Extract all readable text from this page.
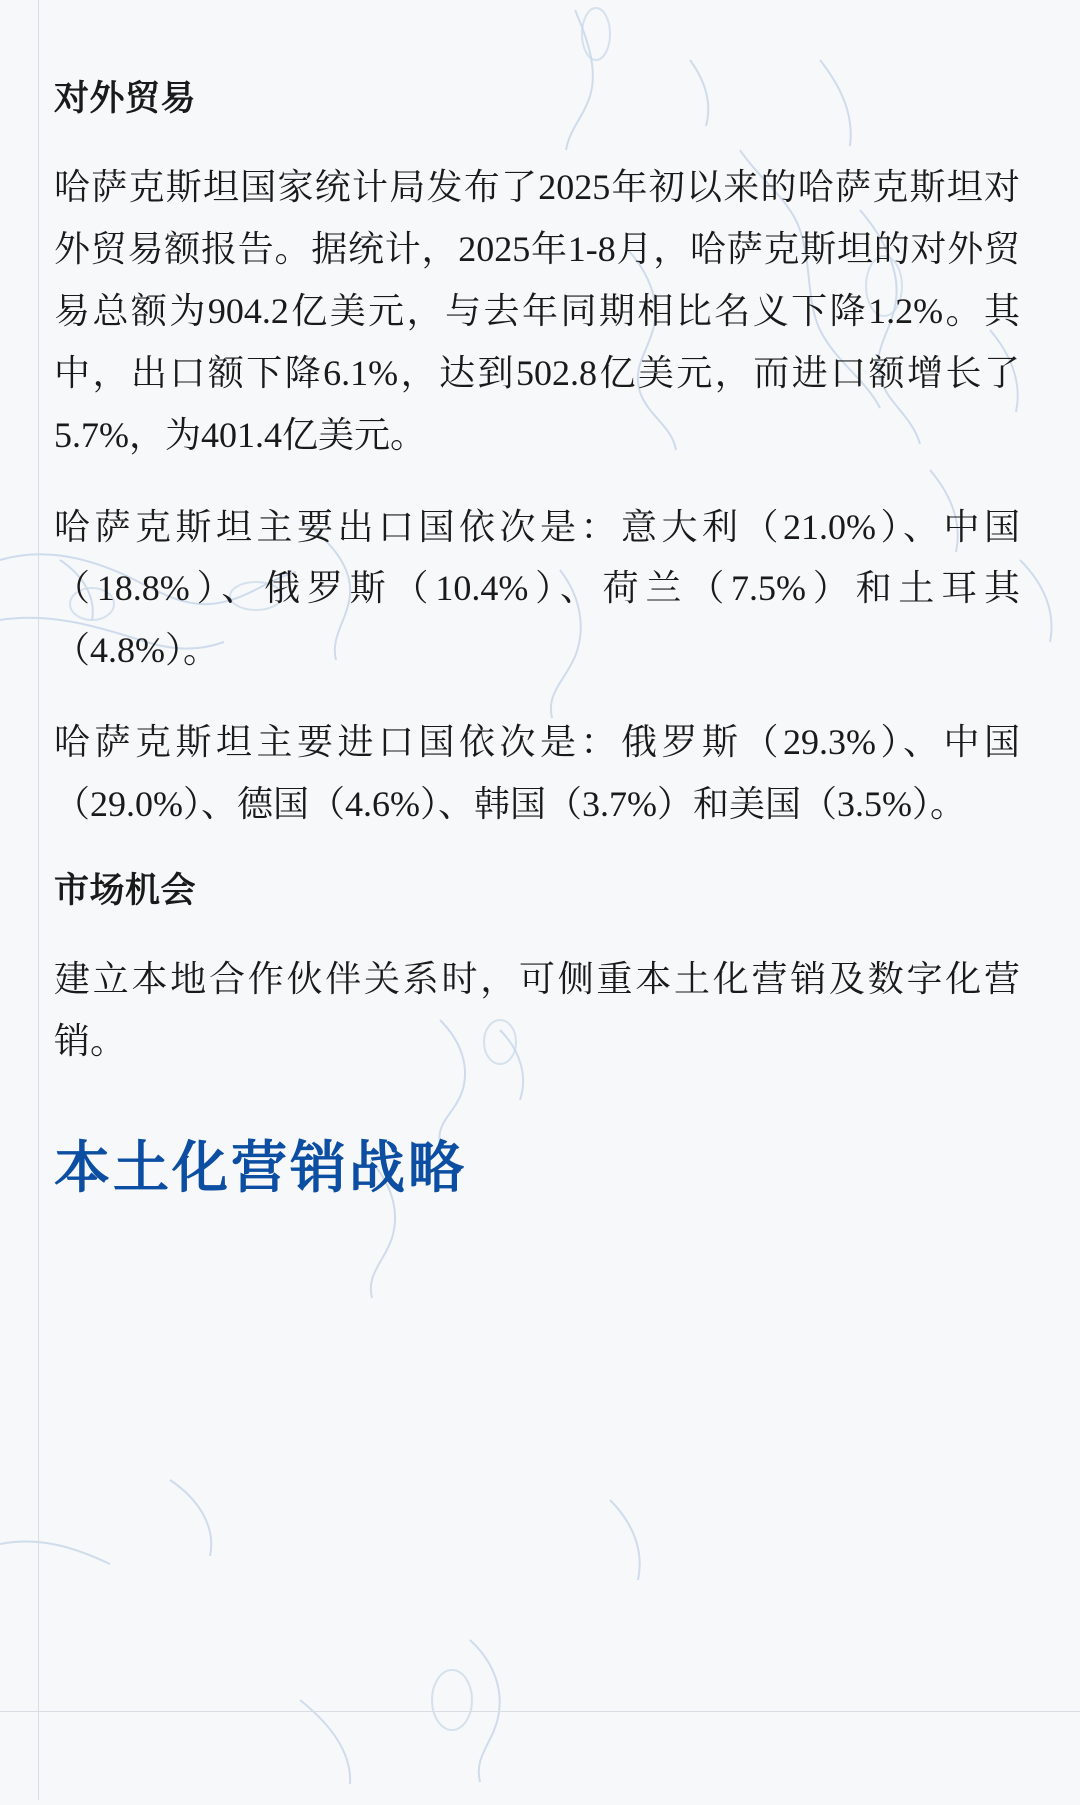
对外贸易

哈萨克斯坦国家统计局发布了2025年初以来的哈萨克斯坦对外贸易额报告。据统计，2025年1-8月，哈萨克斯坦的对外贸易总额为904.2亿美元，与去年同期相比名义下降1.2%。其中，出口额下降6.1%，达到502.8亿美元，而进口额增长了5.7%，为401.4亿美元。

哈萨克斯坦主要出口国依次是：意大利（21.0%）、中国（18.8%）、俄罗斯（10.4%）、荷兰（7.5%）和土耳其（4.8%）。

哈萨克斯坦主要进口国依次是：俄罗斯（29.3%）、中国（29.0%）、德国（4.6%）、韩国（3.7%）和美国（3.5%）。

市场机会

建立本地合作伙伴关系时，可侧重本土化营销及数字化营销。

本土化营销战略
